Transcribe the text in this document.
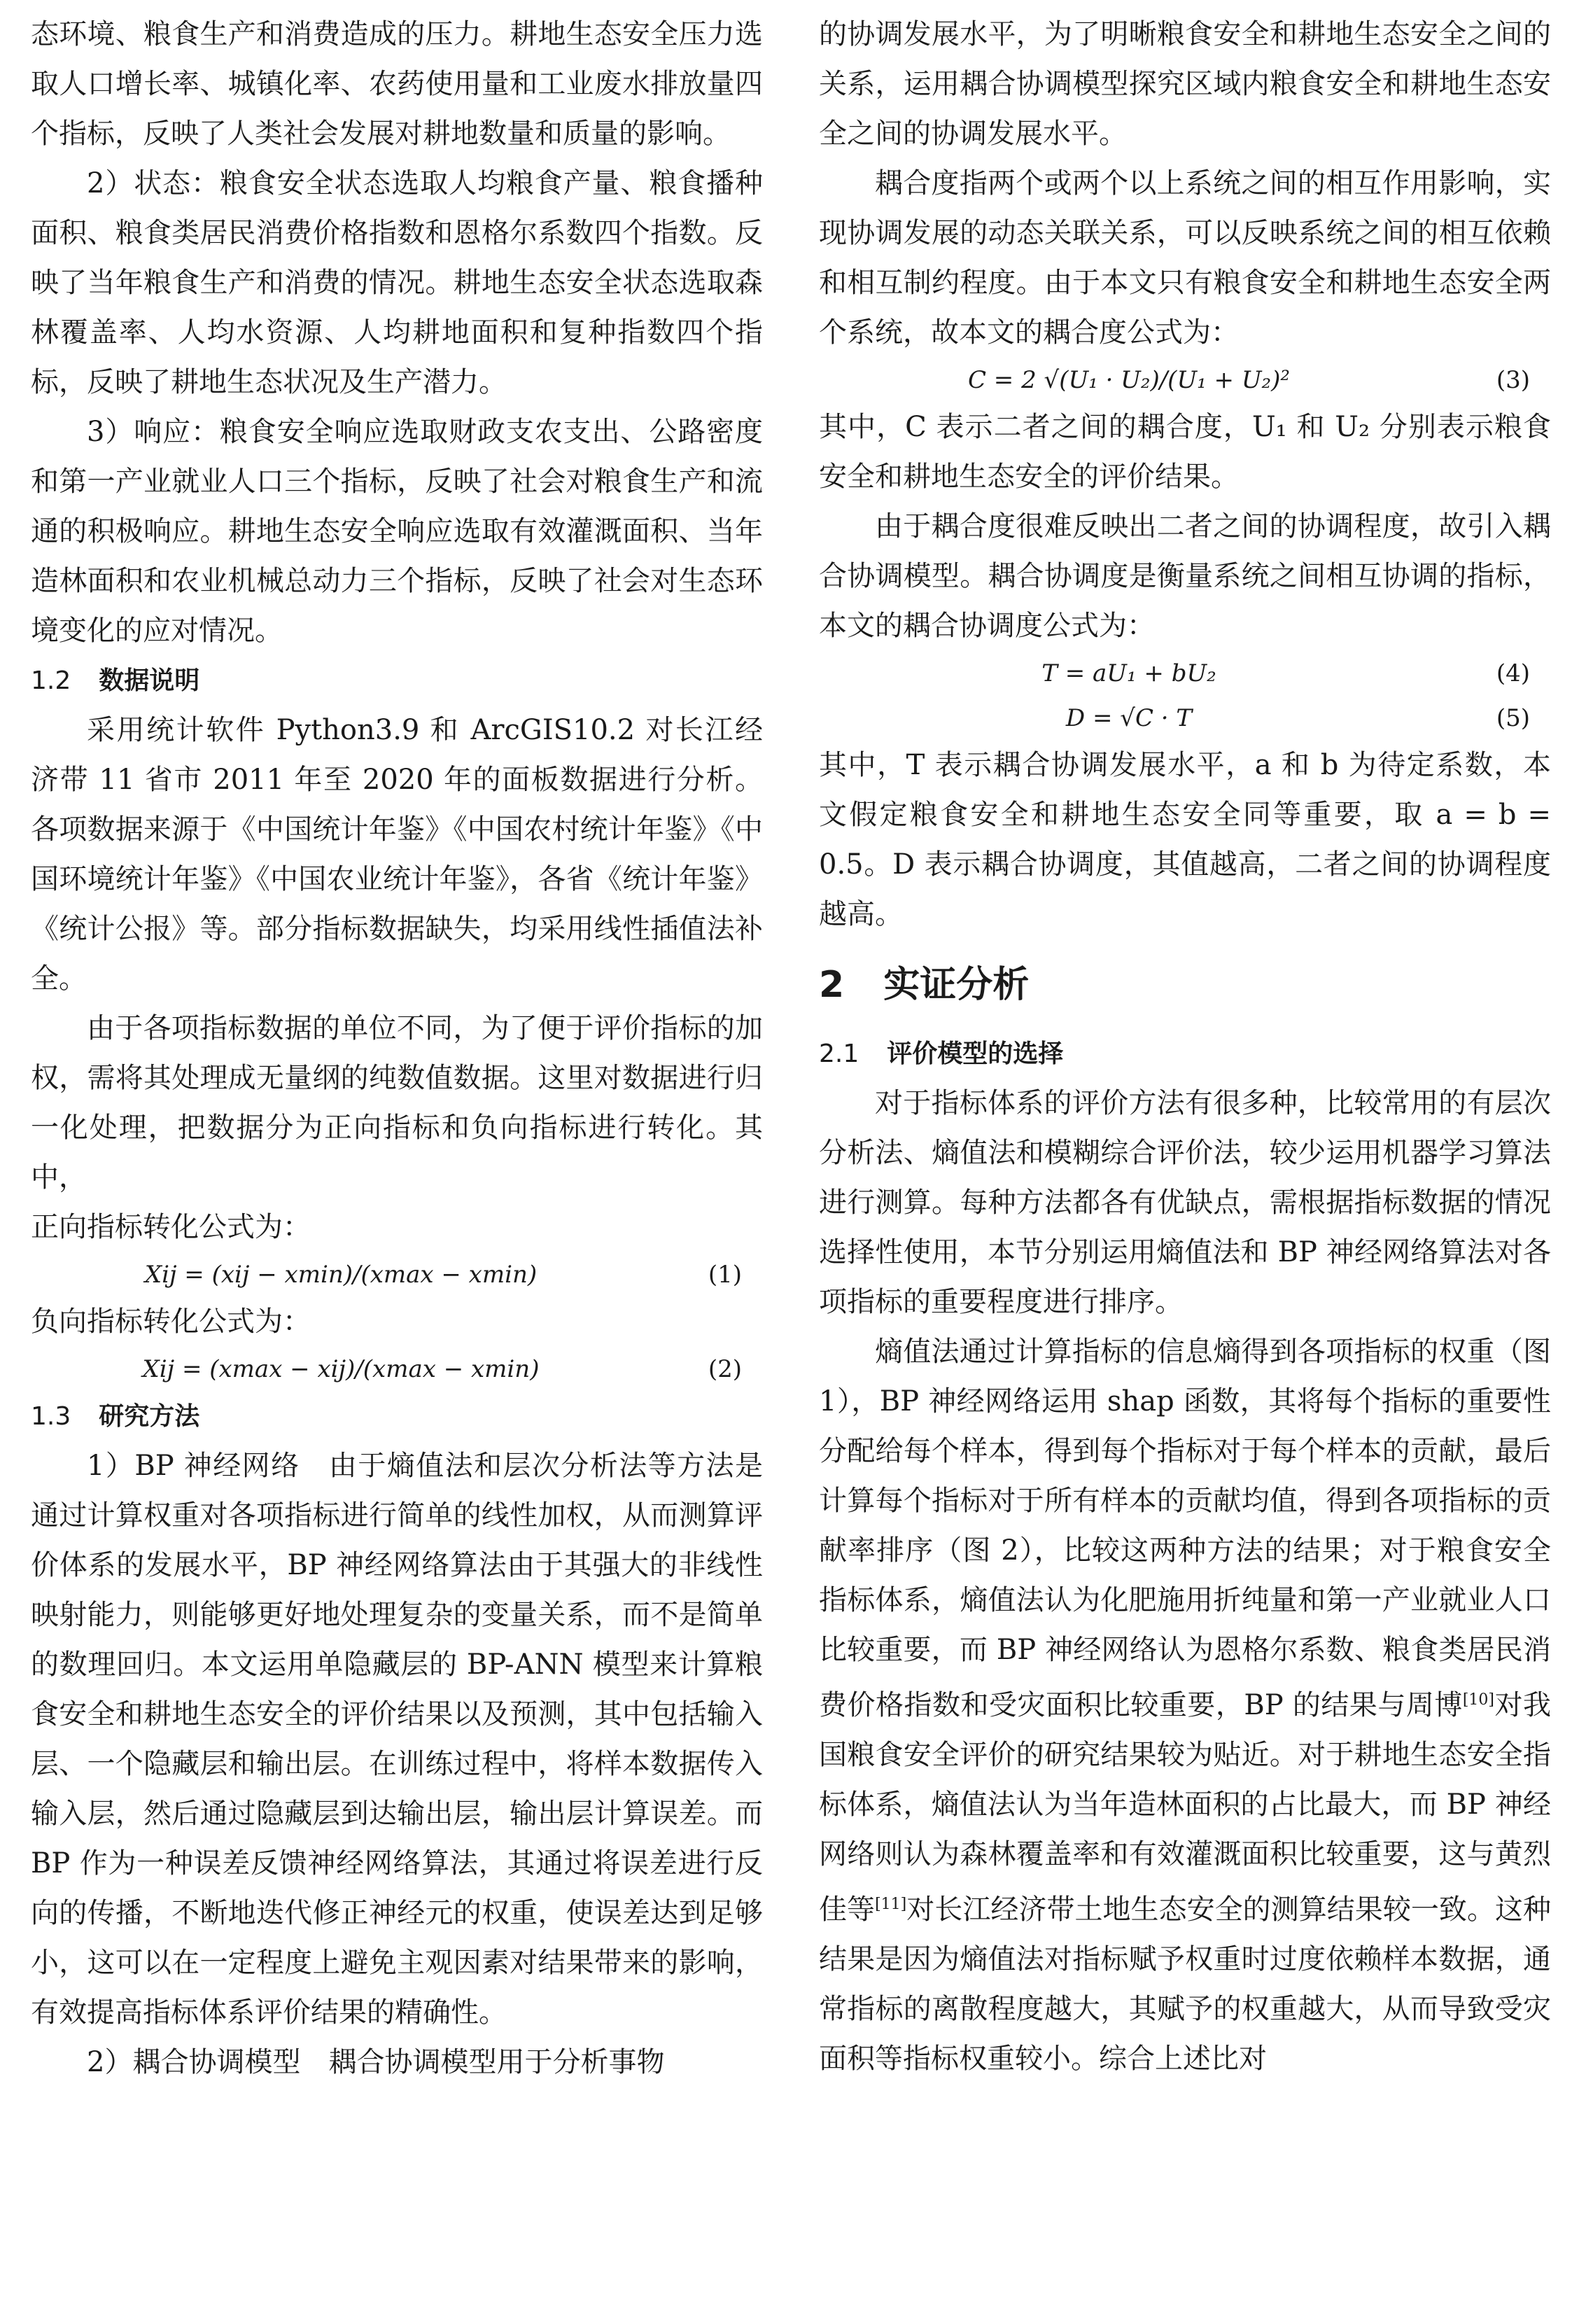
态环境、粮食生产和消费造成的压力。耕地生态安全压力选取人口增长率、城镇化率、农药使用量和工业废水排放量四个指标，反映了人类社会发展对耕地数量和质量的影响。

2）状态：粮食安全状态选取人均粮食产量、粮食播种面积、粮食类居民消费价格指数和恩格尔系数四个指数。反映了当年粮食生产和消费的情况。耕地生态安全状态选取森林覆盖率、人均水资源、人均耕地面积和复种指数四个指标，反映了耕地生态状况及生产潜力。

3）响应：粮食安全响应选取财政支农支出、公路密度和第一产业就业人口三个指标，反映了社会对粮食生产和流通的积极响应。耕地生态安全响应选取有效灌溉面积、当年造林面积和农业机械总动力三个指标，反映了社会对生态环境变化的应对情况。

1.2 数据说明

采用统计软件 Python3.9 和 ArcGIS10.2 对长江经济带 11 省市 2011 年至 2020 年的面板数据进行分析。各项数据来源于《中国统计年鉴》《中国农村统计年鉴》《中国环境统计年鉴》《中国农业统计年鉴》，各省《统计年鉴》《统计公报》等。部分指标数据缺失，均采用线性插值法补全。

由于各项指标数据的单位不同，为了便于评价指标的加权，需将其处理成无量纲的纯数值数据。这里对数据进行归一化处理，把数据分为正向指标和负向指标进行转化。其中，

正向指标转化公式为：

Xij = (xij − xmin)/(xmax − xmin)	(1)

负向指标转化公式为：

Xij = (xmax − xij)/(xmax − xmin)	(2)
1.3 研究方法

1）BP 神经网络　由于熵值法和层次分析法等方法是通过计算权重对各项指标进行简单的线性加权，从而测算评价体系的发展水平，BP 神经网络算法由于其强大的非线性映射能力，则能够更好地处理复杂的变量关系，而不是简单的数理回归。本文运用单隐藏层的 BP-ANN 模型来计算粮食安全和耕地生态安全的评价结果以及预测，其中包括输入层、一个隐藏层和输出层。在训练过程中，将样本数据传入输入层，然后通过隐藏层到达输出层，输出层计算误差。而 BP 作为一种误差反馈神经网络算法，其通过将误差进行反向的传播，不断地迭代修正神经元的权重，使误差达到足够小，这可以在一定程度上避免主观因素对结果带来的影响，有效提高指标体系评价结果的精确性。

2）耦合协调模型　耦合协调模型用于分析事物

的协调发展水平，为了明晰粮食安全和耕地生态安全之间的关系，运用耦合协调模型探究区域内粮食安全和耕地生态安全之间的协调发展水平。

耦合度指两个或两个以上系统之间的相互作用影响，实现协调发展的动态关联关系，可以反映系统之间的相互依赖和相互制约程度。由于本文只有粮食安全和耕地生态安全两个系统，故本文的耦合度公式为：

C = 2 √(U₁ · U₂)/(U₁ + U₂)²	(3)

其中，C 表示二者之间的耦合度，U₁ 和 U₂ 分别表示粮食安全和耕地生态安全的评价结果。

由于耦合度很难反映出二者之间的协调程度，故引入耦合协调模型。耦合协调度是衡量系统之间相互协调的指标，本文的耦合协调度公式为：

T = aU₁ + bU₂	(4)
D = √C · T	(5)

其中，T 表示耦合协调发展水平，a 和 b 为待定系数，本文假定粮食安全和耕地生态安全同等重要，取 a = b = 0.5。D 表示耦合协调度，其值越高，二者之间的协调程度越高。

2 实证分析
2.1 评价模型的选择

对于指标体系的评价方法有很多种，比较常用的有层次分析法、熵值法和模糊综合评价法，较少运用机器学习算法进行测算。每种方法都各有优缺点，需根据指标数据的情况选择性使用，本节分别运用熵值法和 BP 神经网络算法对各项指标的重要程度进行排序。

熵值法通过计算指标的信息熵得到各项指标的权重（图 1），BP 神经网络运用 shap 函数，其将每个指标的重要性分配给每个样本，得到每个指标对于每个样本的贡献，最后计算每个指标对于所有样本的贡献均值，得到各项指标的贡献率排序（图 2），比较这两种方法的结果；对于粮食安全指标体系，熵值法认为化肥施用折纯量和第一产业就业人口比较重要，而 BP 神经网络认为恩格尔系数、粮食类居民消费价格指数和受灾面积比较重要，BP 的结果与周博[10]对我国粮食安全评价的研究结果较为贴近。对于耕地生态安全指标体系，熵值法认为当年造林面积的占比最大，而 BP 神经网络则认为森林覆盖率和有效灌溉面积比较重要，这与黄烈佳等[11]对长江经济带土地生态安全的测算结果较一致。这种结果是因为熵值法对指标赋予权重时过度依赖样本数据，通常指标的离散程度越大，其赋予的权重越大，从而导致受灾面积等指标权重较小。综合上述比对
